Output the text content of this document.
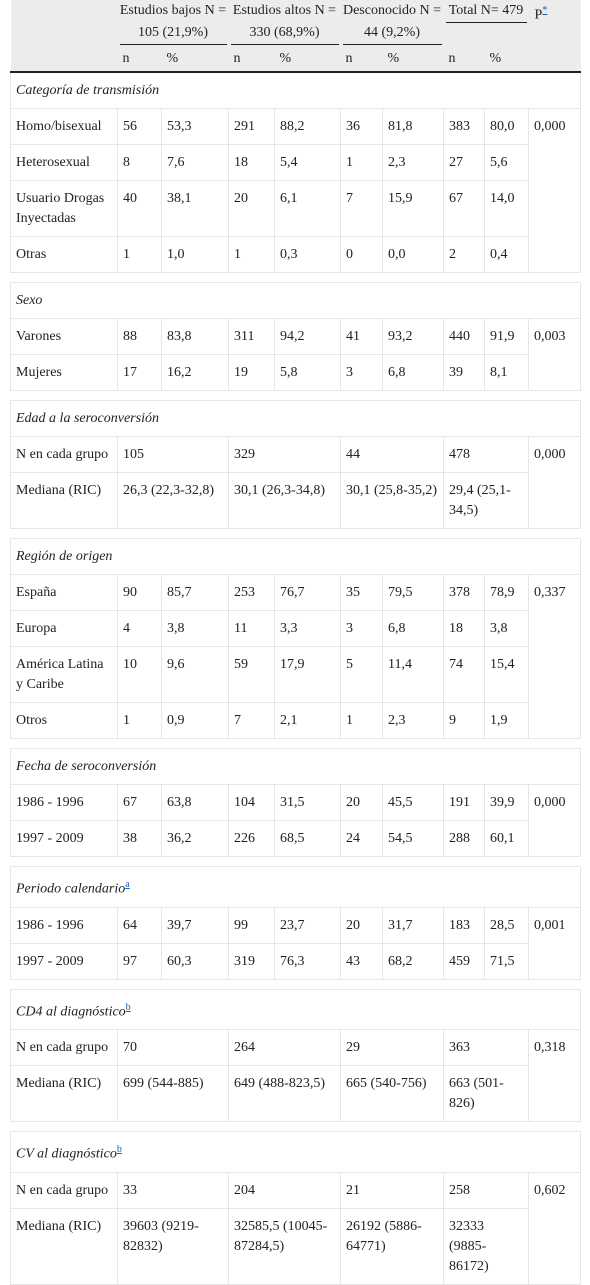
	Estudios bajos N = 105 (21,9%)		Estudios altos N = 330 (68,9%)		Desconocido N = 44 (9,2%)		Total N= 479		P*
	n	%	n	%	n	%	n	%	
Categoría de transmisión									
Homo/bisexual	56	53,3	291	88,2	36	81,8	383	80,0	0,000
Heterosexual	8	7,6	18	5,4	1	2,3	27	5,6	
Usuario Drogas Inyectadas	40	38,1	20	6,1	7	15,9	67	14,0	
Otras	1	1,0	1	0,3	0	0,0	2	0,4	

Sexo									
Varones	88	83,8	311	94,2	41	93,2	440	91,9	0,003
Mujeres	17	16,2	19	5,8	3	6,8	39	8,1	

Edad a la seroconversión									
N en cada grupo	105		329		44		478		0,000
Mediana (RIC)	26,3 (22,3-32,8)		30,1 (26,3-34,8)		30,1 (25,8-35,2)		29,4 (25,1-34,5)		

Región de origen									
España	90	85,7	253	76,7	35	79,5	378	78,9	0,337
Europa	4	3,8	11	3,3	3	6,8	18	3,8	
América Latina y Caribe	10	9,6	59	17,9	5	11,4	74	15,4	
Otros	1	0,9	7	2,1	1	2,3	9	1,9	

Fecha de seroconversión									
1986 - 1996	67	63,8	104	31,5	20	45,5	191	39,9	0,000
1997 - 2009	38	36,2	226	68,5	24	54,5	288	60,1	

Periodo calendario$^a$
1986 - 1996	64	39,7	99	23,7	20	31,7	183	28,5	0,001
1997 - 2009	97	60,3	319	76,3	43	68,2	459	71,5	

CD4 al diagnóstico$^b$
N en cada grupo	70		264		29		363		0,318
Mediana (RIC)	699 (544-885)		649 (488-823,5)		665 (540-756)		663 (501-826)		

CV al diagnóstico$^b$
N en cada grupo	33		204		21		258		0,602
Mediana (RIC)	39603 (9219-82832)		32585,5 (10045-87284,5)		26192 (5886-64771)		32333 (9885-86172)		
